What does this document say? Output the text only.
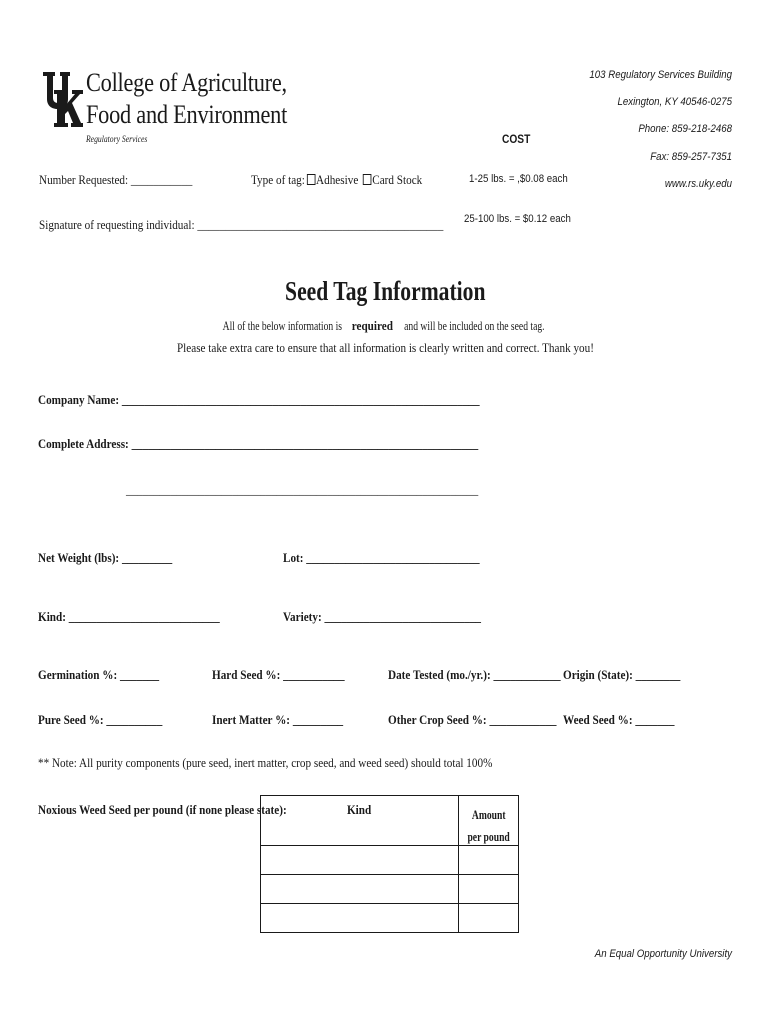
College of Agriculture,
Food and Environment
Regulatory Services
103 Regulatory Services Building
Lexington, KY 40546-0275
Phone: 859-218-2468
Fax: 859-257-7351
www.rs.uky.edu
COST
1-25 lbs. = ,$0.08 each
25-100 lbs. = $0.12 each
Number Requested: ___________	Type of tag: Adhesive Card Stock
Signature of requesting individual: ____________________________________________
Seed Tag Information
All of the below information isrequiredand will be included on the seed tag.
Please take extra care to ensure that all information is clearly written and correct. Thank you!
Company Name: ________________________________________________________________
Complete Address: ______________________________________________________________
_______________________________________________________________
Net Weight (lbs): _________	Lot: _______________________________
Kind: ___________________________	Variety: ____________________________
Germination %: _______	Hard Seed %: ___________	Date Tested (mo./yr.): ____________ Origin (State): ________
Pure Seed %: __________	Inert Matter %: _________	Other Crop Seed %: ____________ Weed Seed %: _______
** Note: All purity components (pure seed, inert matter, crop seed, and weed seed) should total 100%
Noxious Weed Seed per pound (if none please state):	Kind	Amount
per pound

An Equal Opportunity University
